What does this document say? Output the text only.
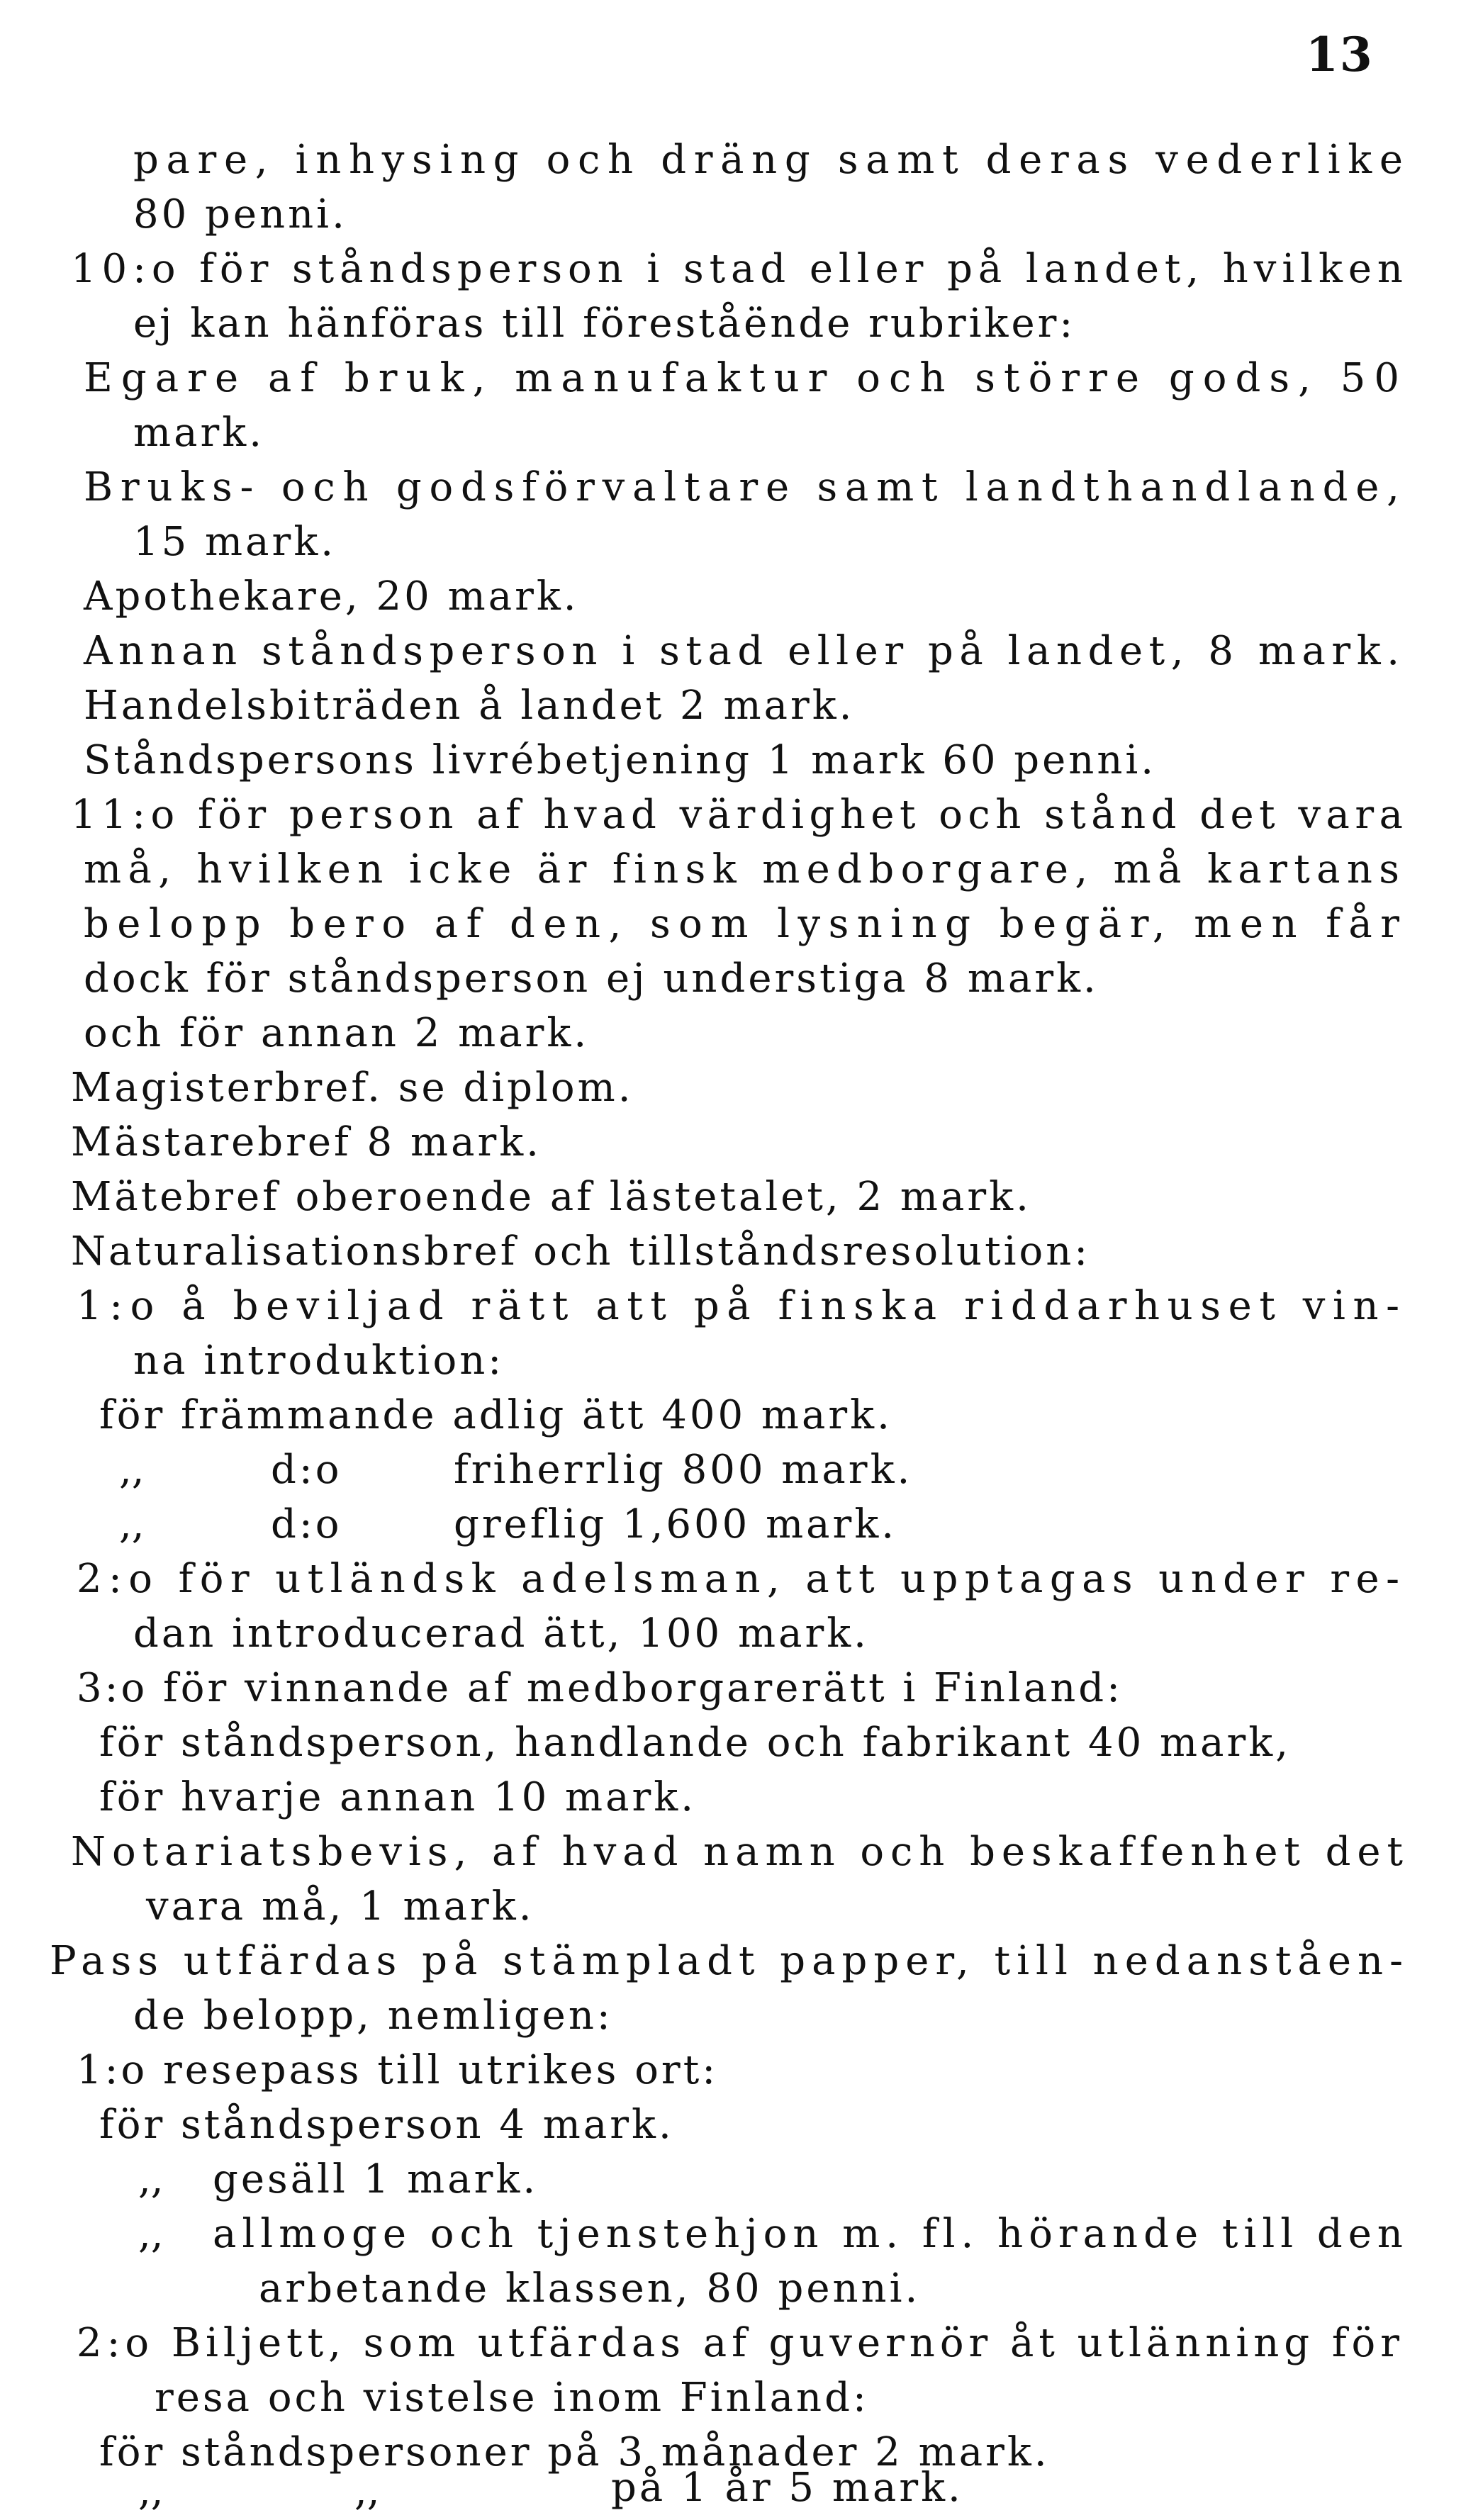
13
pare, inhysing och dräng samt deras vederlike
80 penni.
10:o för ståndsperson i stad eller på landet, hvilken
ej kan hänföras till föreståënde rubriker:
Egare af bruk, manufaktur och större gods, 50
mark.
Bruks- och godsförvaltare samt landthandlande,
15 mark.
Apothekare, 20 mark.
Annan ståndsperson i stad eller på landet, 8 mark.
Handelsbiträden å landet 2 mark.
Ståndspersons livrébetjening 1 mark 60 penni.
11:o för person af hvad värdighet och stånd det vara
må, hvilken icke är finsk medborgare, må kartans
belopp bero af den, som lysning begär, men får
dock för ståndsperson ej understiga 8 mark.
och för annan 2 mark.
Magisterbref. se diplom.
Mästarebref 8 mark.
Mätebref oberoende af lästetalet, 2 mark.
Naturalisationsbref och tillståndsresolution:
1:o å beviljad rätt att på finska riddarhuset vin-
na introduktion:
för främmande adlig ätt 400 mark.
,,	d:o	friherrlig 800 mark.
,,	d:o	greflig 1,600 mark.
2:o för utländsk adelsman, att upptagas under re-
dan introducerad ätt, 100 mark.
3:o för vinnande af medborgarerätt i Finland:
för ståndsperson, handlande och fabrikant 40 mark,
för hvarje annan 10 mark.
Notariatsbevis, af hvad namn och beskaffenhet det
vara må, 1 mark.
Pass utfärdas på stämpladt papper, till nedanståen-
de belopp, nemligen:
1:o resepass till utrikes ort:
för ståndsperson 4 mark.
,, gesäll 1 mark.
,, allmoge och tjenstehjon m. fl. hörande till den
arbetande klassen, 80 penni.
2:o Biljett, som utfärdas af guvernör åt utlänning för
resa och vistelse inom Finland:
för ståndspersoner på 3 månader 2 mark.
,,	,,	på 1 år 5 mark.
